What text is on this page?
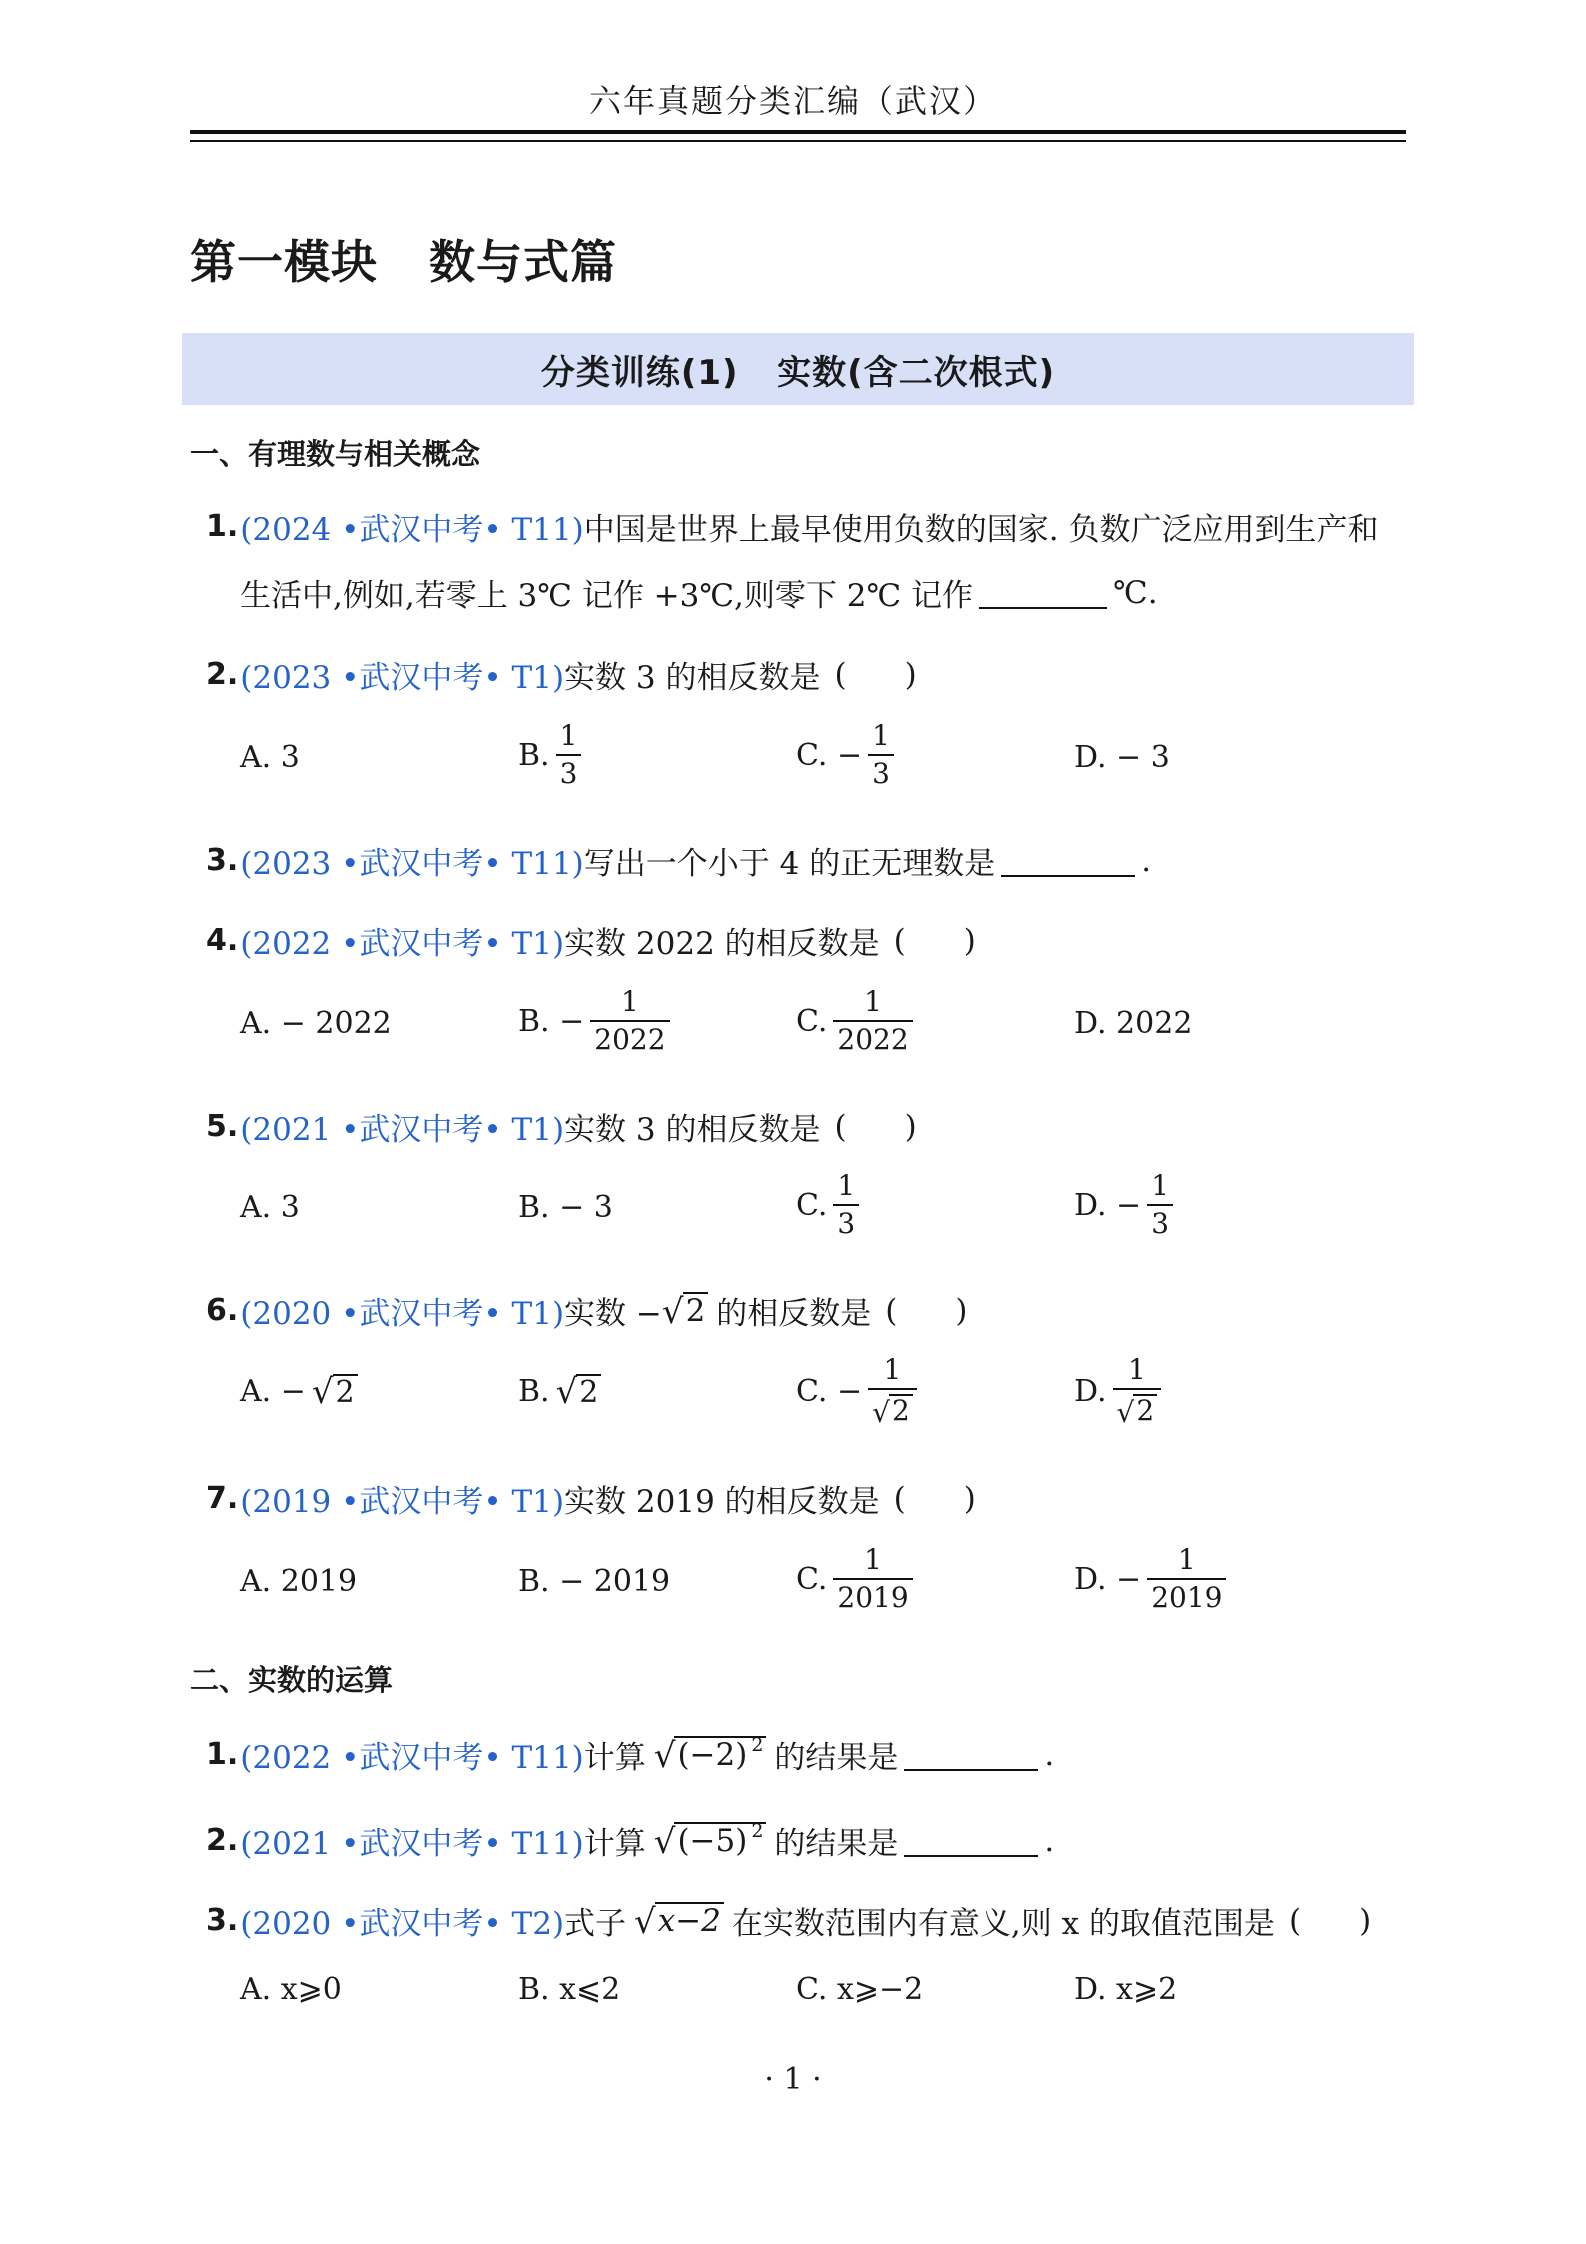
六年真题分类汇编（武汉）
第一模块   数与式篇
分类训练(1)   实数(含二次根式)
一、有理数与相关概念
1. (2024 •武汉中考• T11) 中国是世界上最早使用负数的国家. 负数广泛应用到生产和
生活中,例如,若零上 3℃ 记作 +3℃,则零下 2℃ 记作	℃.
2. (2023 •武汉中考• T1) 实数 3 的相反数是 ( )
A. 3	B. $\frac{1}{3}$	C. − $\frac{1}{3}$	D. − 3
3. (2023 •武汉中考• T11) 写出一个小于 4 的正无理数是	.
4. (2022 •武汉中考• T1) 实数 2022 的相反数是 ( )
A. − 2022	B. − $\frac{1}{2022}$	C. $\frac{1}{2022}$	D. 2022
5. (2021 •武汉中考• T1) 实数 3 的相反数是 ( )
A. 3	B. − 3	C. $\frac{1}{3}$	D. − $\frac{1}{3}$
6. (2020 •武汉中考• T1) 实数 − √ 2 的相反数是 ( )
A. − √ 2	B. √ 2	C. − $\frac{1}{√ 2}$	D. $\frac{1}{√ 2}$
7. (2019 •武汉中考• T1) 实数 2019 的相反数是 ( )
A. 2019	B. − 2019	C. $\frac{1}{2019}$	D. − $\frac{1}{2019}$
二、实数的运算
1. (2022 •武汉中考• T11) 计算 √ (−2) $^2$ 的结果是	.
2. (2021 •武汉中考• T11) 计算 √ (−5) $^2$ 的结果是	.
3. (2020 •武汉中考• T2) 式子 √ x−2 在实数范围内有意义,则 x 的取值范围是 ( )
A. x⩾0	B. x⩽2	C. x⩾−2	D. x⩾2
· 1 ·
